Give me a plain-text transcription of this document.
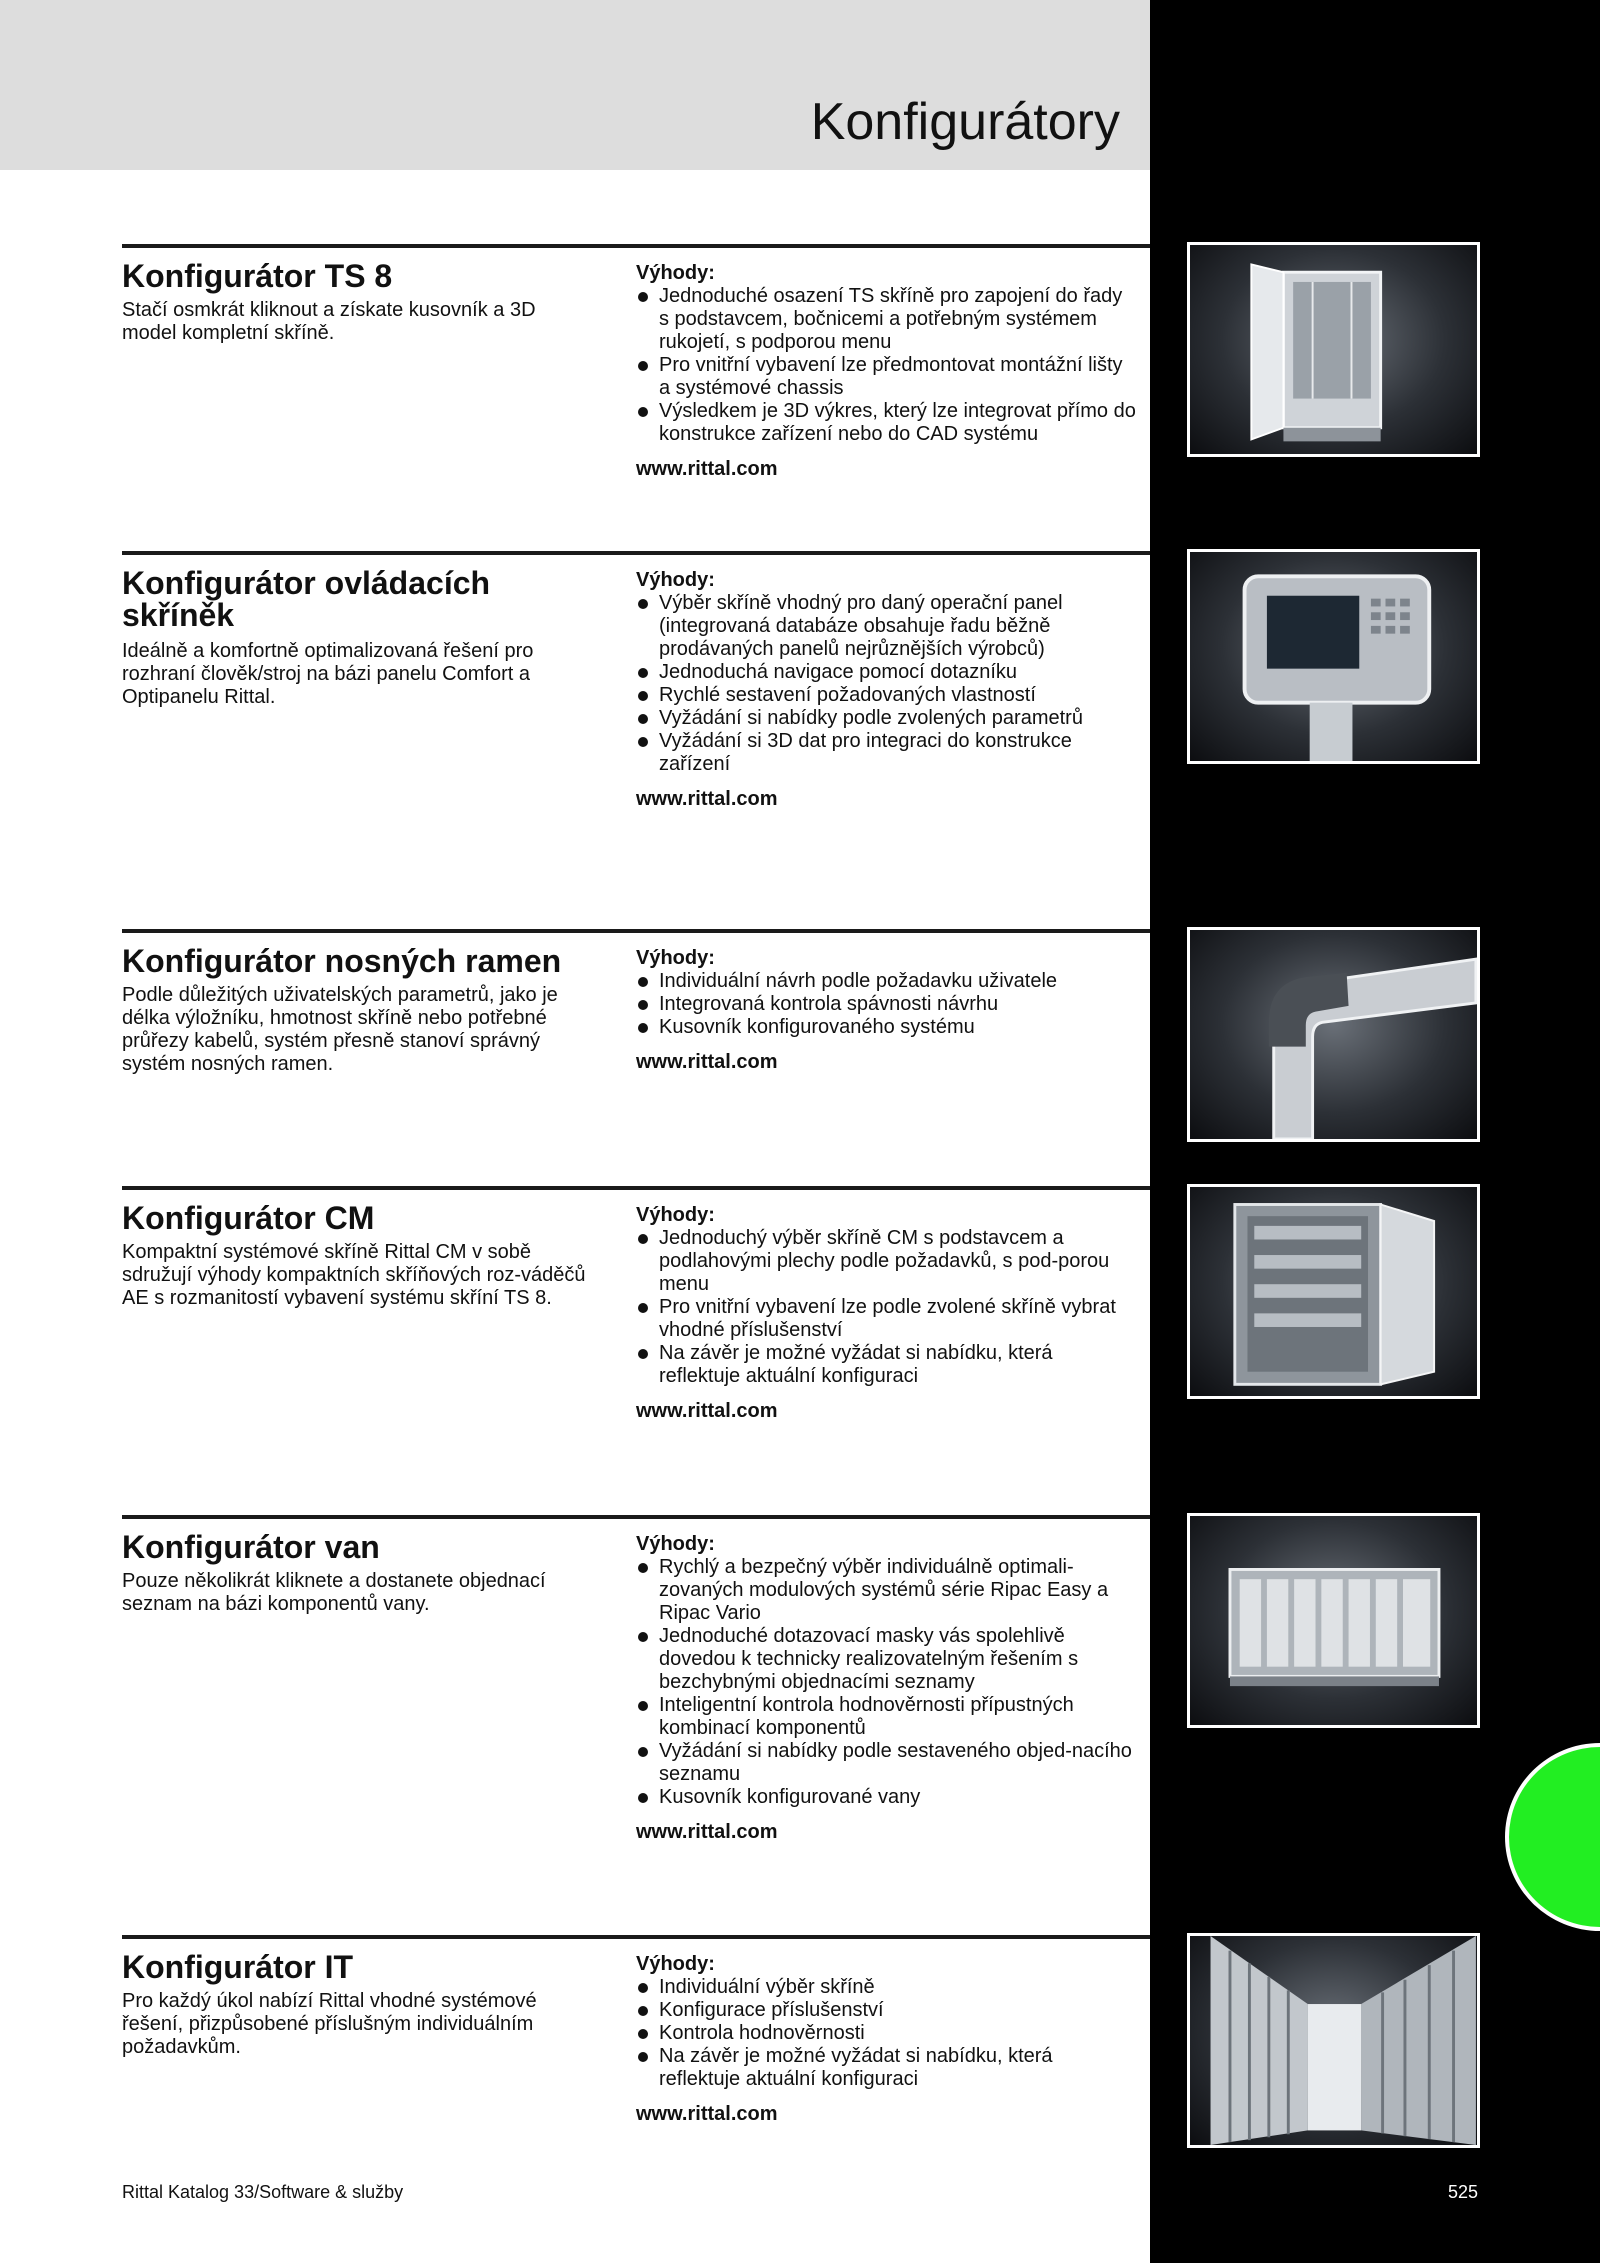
Konfigurátory
Konfigurátor TS 8

Stačí osmkrát kliknout a získate kusovník a 3D model kompletní skříně.

Výhody:

Jednoduché osazení TS skříně pro zapojení do řady s podstavcem, bočnicemi a potřebným systémem rukojetí, s podporou menu
Pro vnitřní vybavení lze předmontovat montážní lišty a systémové chassis
Výsledkem je 3D výkres, který lze integrovat přímo do konstrukce zařízení nebo do CAD systému

www.rittal.com

Konfigurátor ovládacích skříněk

Ideálně a komfortně optimalizovaná řešení pro rozhraní člověk/stroj na bázi panelu Comfort a Optipanelu Rittal.

Výhody:

Výběr skříně vhodný pro daný operační panel (integrovaná databáze obsahuje řadu běžně prodávaných panelů nejrůznějších výrobců)
Jednoduchá navigace pomocí dotazníku
Rychlé sestavení požadovaných vlastností
Vyžádání si nabídky podle zvolených parametrů
Vyžádání si 3D dat pro integraci do konstrukce zařízení

www.rittal.com

Konfigurátor nosných ramen

Podle důležitých uživatelských parametrů, jako je délka výložníku, hmotnost skříně nebo potřebné průřezy kabelů, systém přesně stanoví správný systém nosných ramen.

Výhody:

Individuální návrh podle požadavku uživatele
Integrovaná kontrola spávnosti návrhu
Kusovník konfigurovaného systému

www.rittal.com

Konfigurátor CM

Kompaktní systémové skříně Rittal CM v sobě sdružují výhody kompaktních skříňových roz-váděčů AE s rozmanitostí vybavení systému skříní TS 8.

Výhody:

Jednoduchý výběr skříně CM s podstavcem a podlahovými plechy podle požadavků, s pod-porou menu
Pro vnitřní vybavení lze podle zvolené skříně vybrat vhodné příslušenství
Na závěr je možné vyžádat si nabídku, která reflektuje aktuální konfiguraci

www.rittal.com

Konfigurátor van

Pouze několikrát kliknete a dostanete objednací seznam na bázi komponentů vany.

Výhody:

Rychlý a bezpečný výběr individuálně optimali-zovaných modulových systémů série Ripac Easy a Ripac Vario
Jednoduché dotazovací masky vás spolehlivě dovedou k technicky realizovatelným řešením s bezchybnými objednacími seznamy
Inteligentní kontrola hodnověrnosti přípustných kombinací komponentů
Vyžádání si nabídky podle sestaveného objed-nacího seznamu
Kusovník konfigurované vany

www.rittal.com

Konfigurátor IT

Pro každý úkol nabízí Rittal vhodné systémové řešení, přizpůsobené příslušným individuálním požadavkům.

Výhody:

Individuální výběr skříně
Konfigurace příslušenství
Kontrola hodnověrnosti
Na závěr je možné vyžádat si nabídku, která reflektuje aktuální konfiguraci

www.rittal.com

Rittal Katalog 33/Software & služby	525
